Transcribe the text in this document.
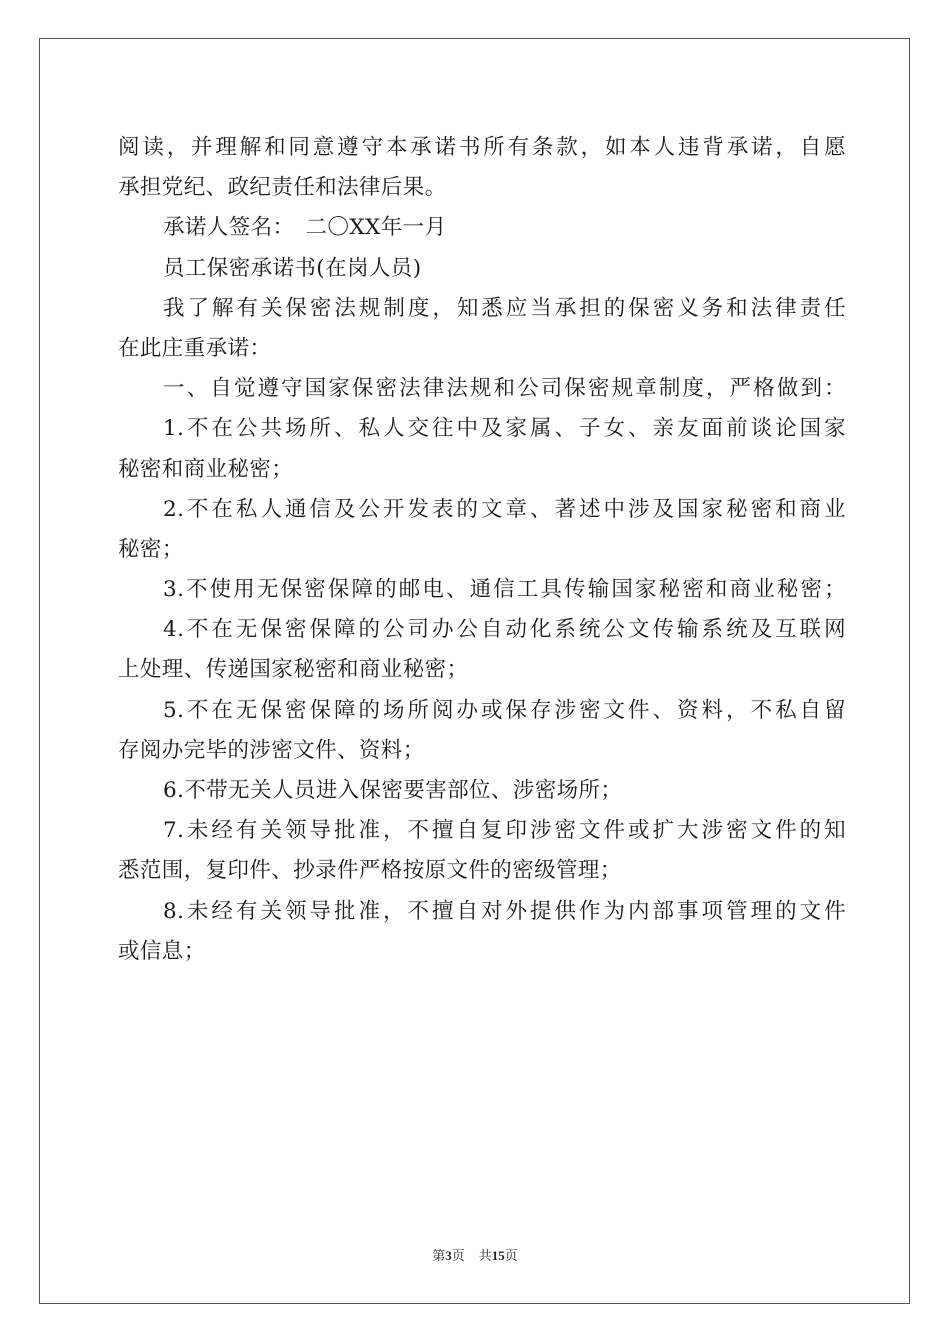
阅读，并理解和同意遵守本承诺书所有条款，如本人违背承诺，自愿
承担党纪、政纪责任和法律后果。
承诺人签名：　二〇XX年一月
员工保密承诺书(在岗人员)
我了解有关保密法规制度，知悉应当承担的保密义务和法律责任
在此庄重承诺：
一、自觉遵守国家保密法律法规和公司保密规章制度，严格做到：
1.不在公共场所、私人交往中及家属、子女、亲友面前谈论国家
秘密和商业秘密；
2.不在私人通信及公开发表的文章、著述中涉及国家秘密和商业
秘密；
3.不使用无保密保障的邮电、通信工具传输国家秘密和商业秘密；
4.不在无保密保障的公司办公自动化系统公文传输系统及互联网
上处理、传递国家秘密和商业秘密；
5.不在无保密保障的场所阅办或保存涉密文件、资料，不私自留
存阅办完毕的涉密文件、资料；
6.不带无关人员进入保密要害部位、涉密场所；
7.未经有关领导批准，不擅自复印涉密文件或扩大涉密文件的知
悉范围，复印件、抄录件严格按原文件的密级管理；
8.未经有关领导批准，不擅自对外提供作为内部事项管理的文件
或信息；
第3页 共15页
